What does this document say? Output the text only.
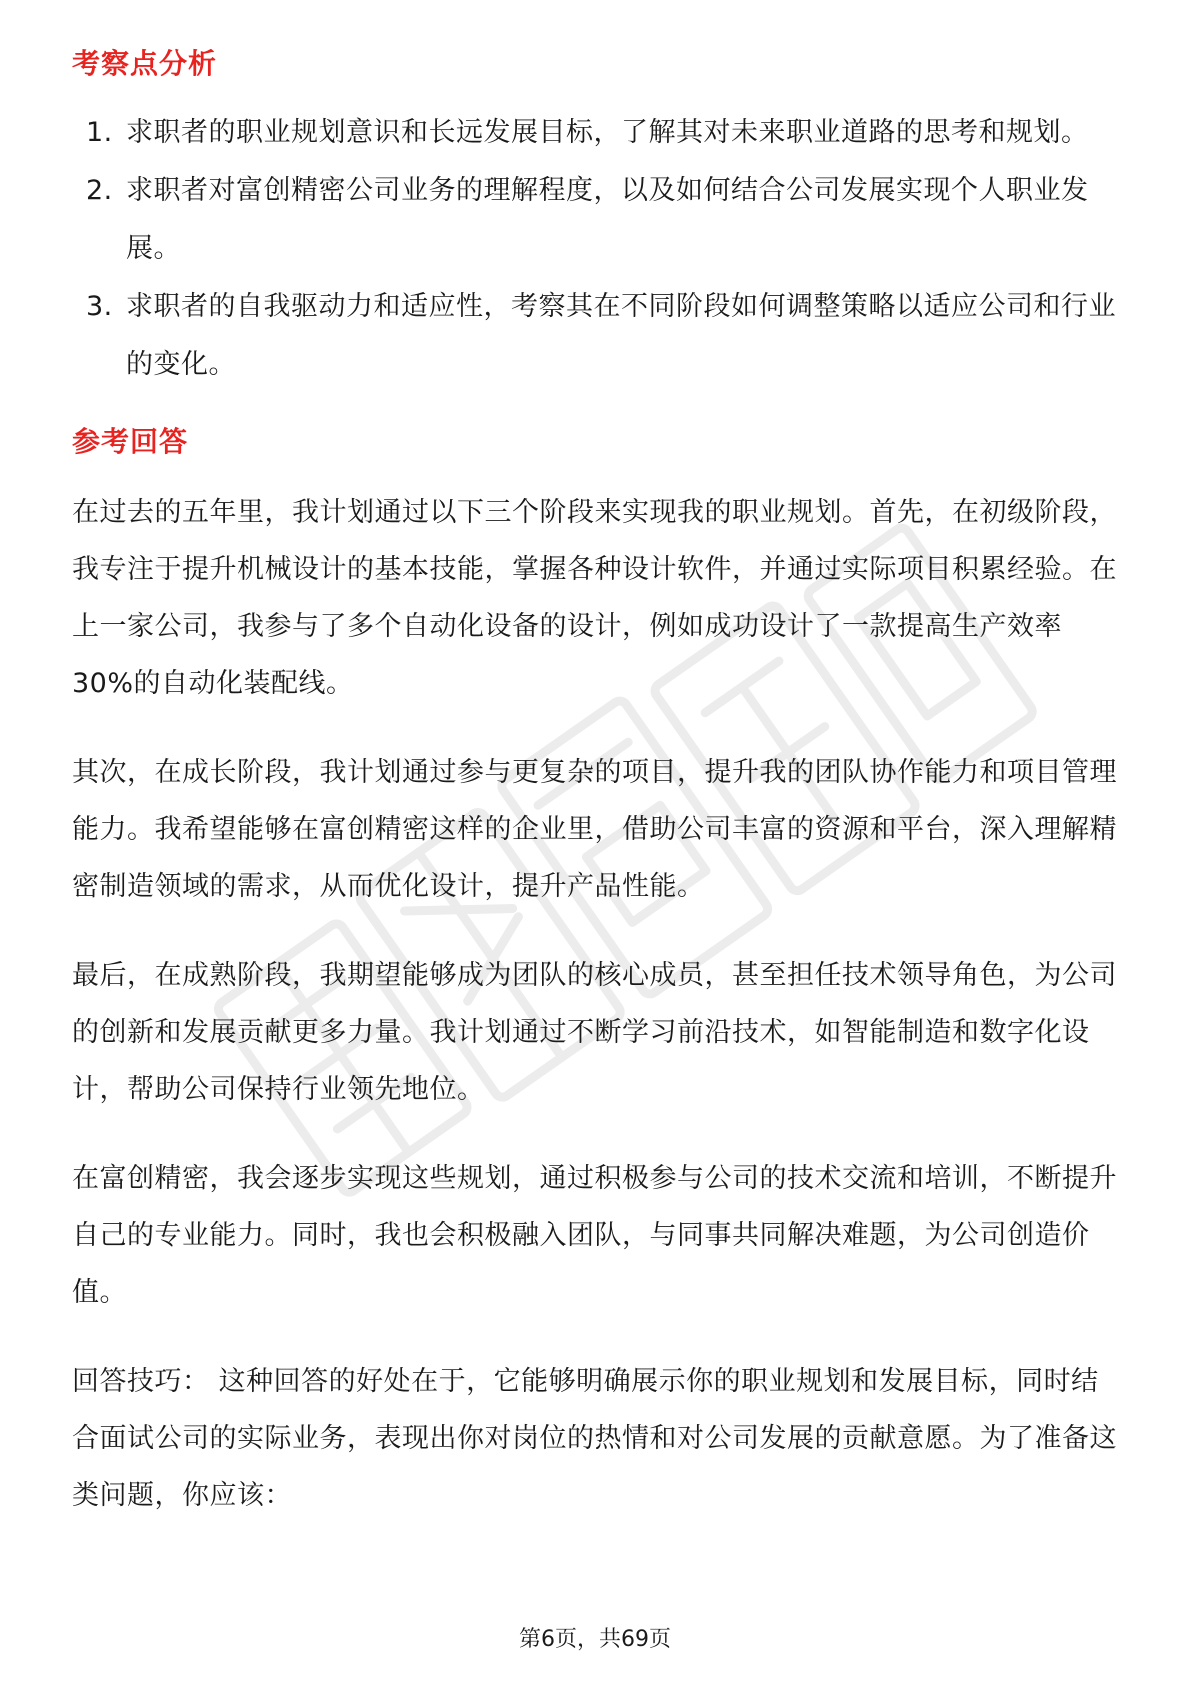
考察点分析
1. 求职者的职业规划意识和长远发展目标，了解其对未来职业道路的思考和规划。
2. 求职者对富创精密公司业务的理解程度，以及如何结合公司发展实现个人职业发展。
3. 求职者的自我驱动力和适应性，考察其在不同阶段如何调整策略以适应公司和行业的变化。
参考回答

在过去的五年里，我计划通过以下三个阶段来实现我的职业规划。首先，在初级阶段，我专注于提升机械设计的基本技能，掌握各种设计软件，并通过实际项目积累经验。在上一家公司，我参与了多个自动化设备的设计，例如成功设计了一款提高生产效率30%的自动化装配线。

其次，在成长阶段，我计划通过参与更复杂的项目，提升我的团队协作能力和项目管理能力。我希望能够在富创精密这样的企业里，借助公司丰富的资源和平台，深入理解精密制造领域的需求，从而优化设计，提升产品性能。

最后，在成熟阶段，我期望能够成为团队的核心成员，甚至担任技术领导角色，为公司的创新和发展贡献更多力量。我计划通过不断学习前沿技术，如智能制造和数字化设计，帮助公司保持行业领先地位。

在富创精密，我会逐步实现这些规划，通过积极参与公司的技术交流和培训，不断提升自己的专业能力。同时，我也会积极融入团队，与同事共同解决难题，为公司创造价值。

回答技巧： 这种回答的好处在于，它能够明确展示你的职业规划和发展目标，同时结合面试公司的实际业务，表现出你对岗位的热情和对公司发展的贡献意愿。为了准备这类问题，你应该：

第6页，共69页
